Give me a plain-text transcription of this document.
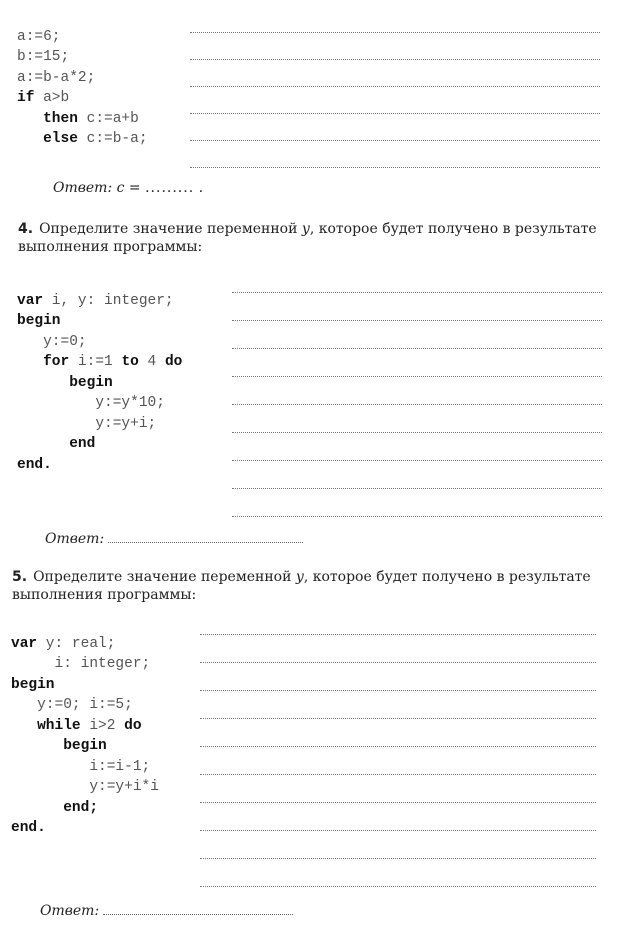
a:=6;
b:=15;
a:=b-a*2;
if a>b
then c:=a+b
else c:=b-a;

Ответ: с = ......... .
4. Определите значение переменной y, которое будет получено в результате выполнения программы:

var i, y: integer;
begin
y:=0;
for i:=1 to 4 do
begin
y:=y*10;
y:=y+i;
end
end.

Ответ:
5. Определите значение переменной y, которое будет получено в результате выполнения программы:

var y: real;
i: integer;
begin
y:=0; i:=5;
while i>2 do
begin
i:=i-1;
y:=y+i*i
end;
end.

Ответ:
